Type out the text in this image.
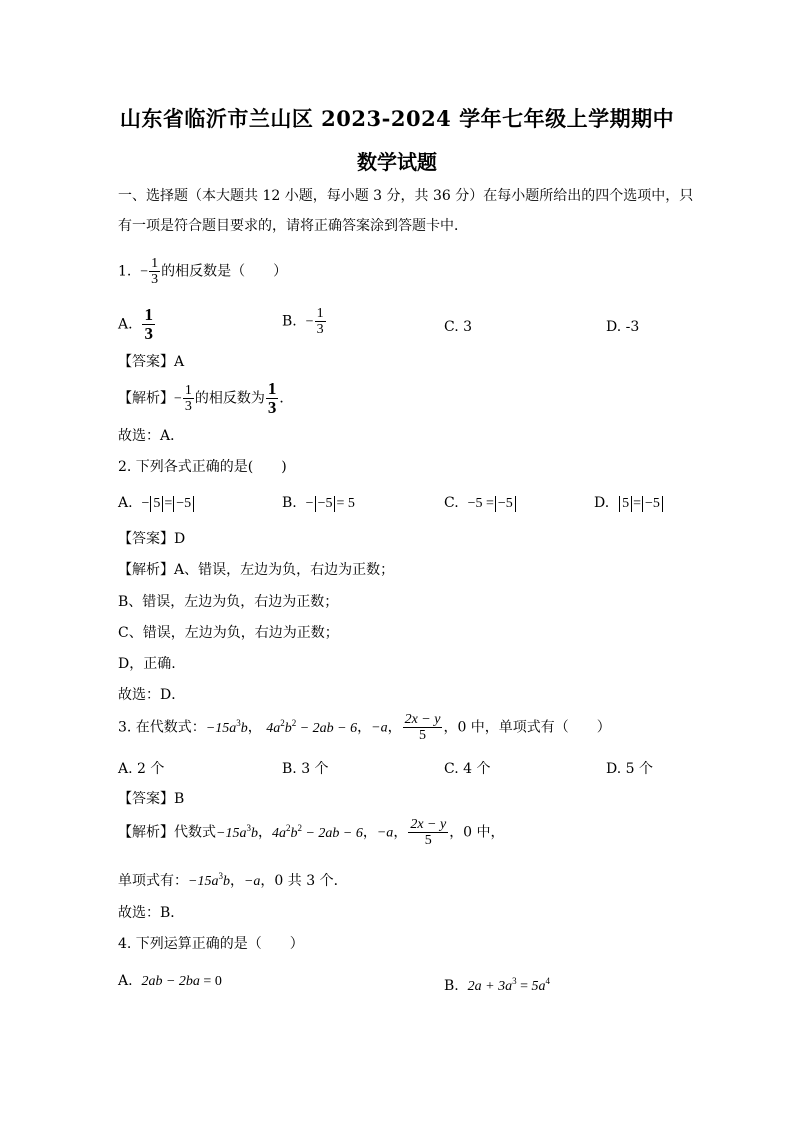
山东省临沂市兰山区 2023-2024 学年七年级上学期期中
数学试题
一、选择题（本大题共 12 小题，每小题 3 分，共 36 分）在每小题所给出的四个选项中，只
有一项是符合题目要求的，请将正确答案涂到答题卡中．
1. − $\frac{1}{3}$ 的相反数是（　　）
A. $\frac{1}{3}$	B. − $\frac{1}{3}$	C. 3	D. -3
【答案】A
【解析】− $\frac{1}{3}$ 的相反数为 $\frac{1}{3}$ ．
故选：A．
2. 下列各式正确的是(　　)
A. − 5 = −5	B. − −5 = 5	C. −5 = −5	D. 5 = −5
【答案】D
【解析】A、错误，左边为负，右边为正数；
B、错误，左边为负，右边为正数；
C、错误，左边为负，右边为正数；
D，正确.
故选：D．
3. 在代数式：$-15a^3b$， $4a^2b^2 - 2ab - 6$，−a， $\frac{2x - y}{5}$ ，0 中，单项式有（　　）
A. 2 个	B. 3 个	C. 4 个	D. 5 个
【答案】B
【解析】代数式$-15a^3b$，$4a^2b^2 - 2ab - 6$，−a， $\frac{2x - y}{5}$ ，0 中，
单项式有：$-15a^3b$，−a，0 共 3 个．
故选：B．
4. 下列运算正确的是（　　）
A. 2ab − 2ba = 0	B. $2a + 3a^3 = 5a^4$
